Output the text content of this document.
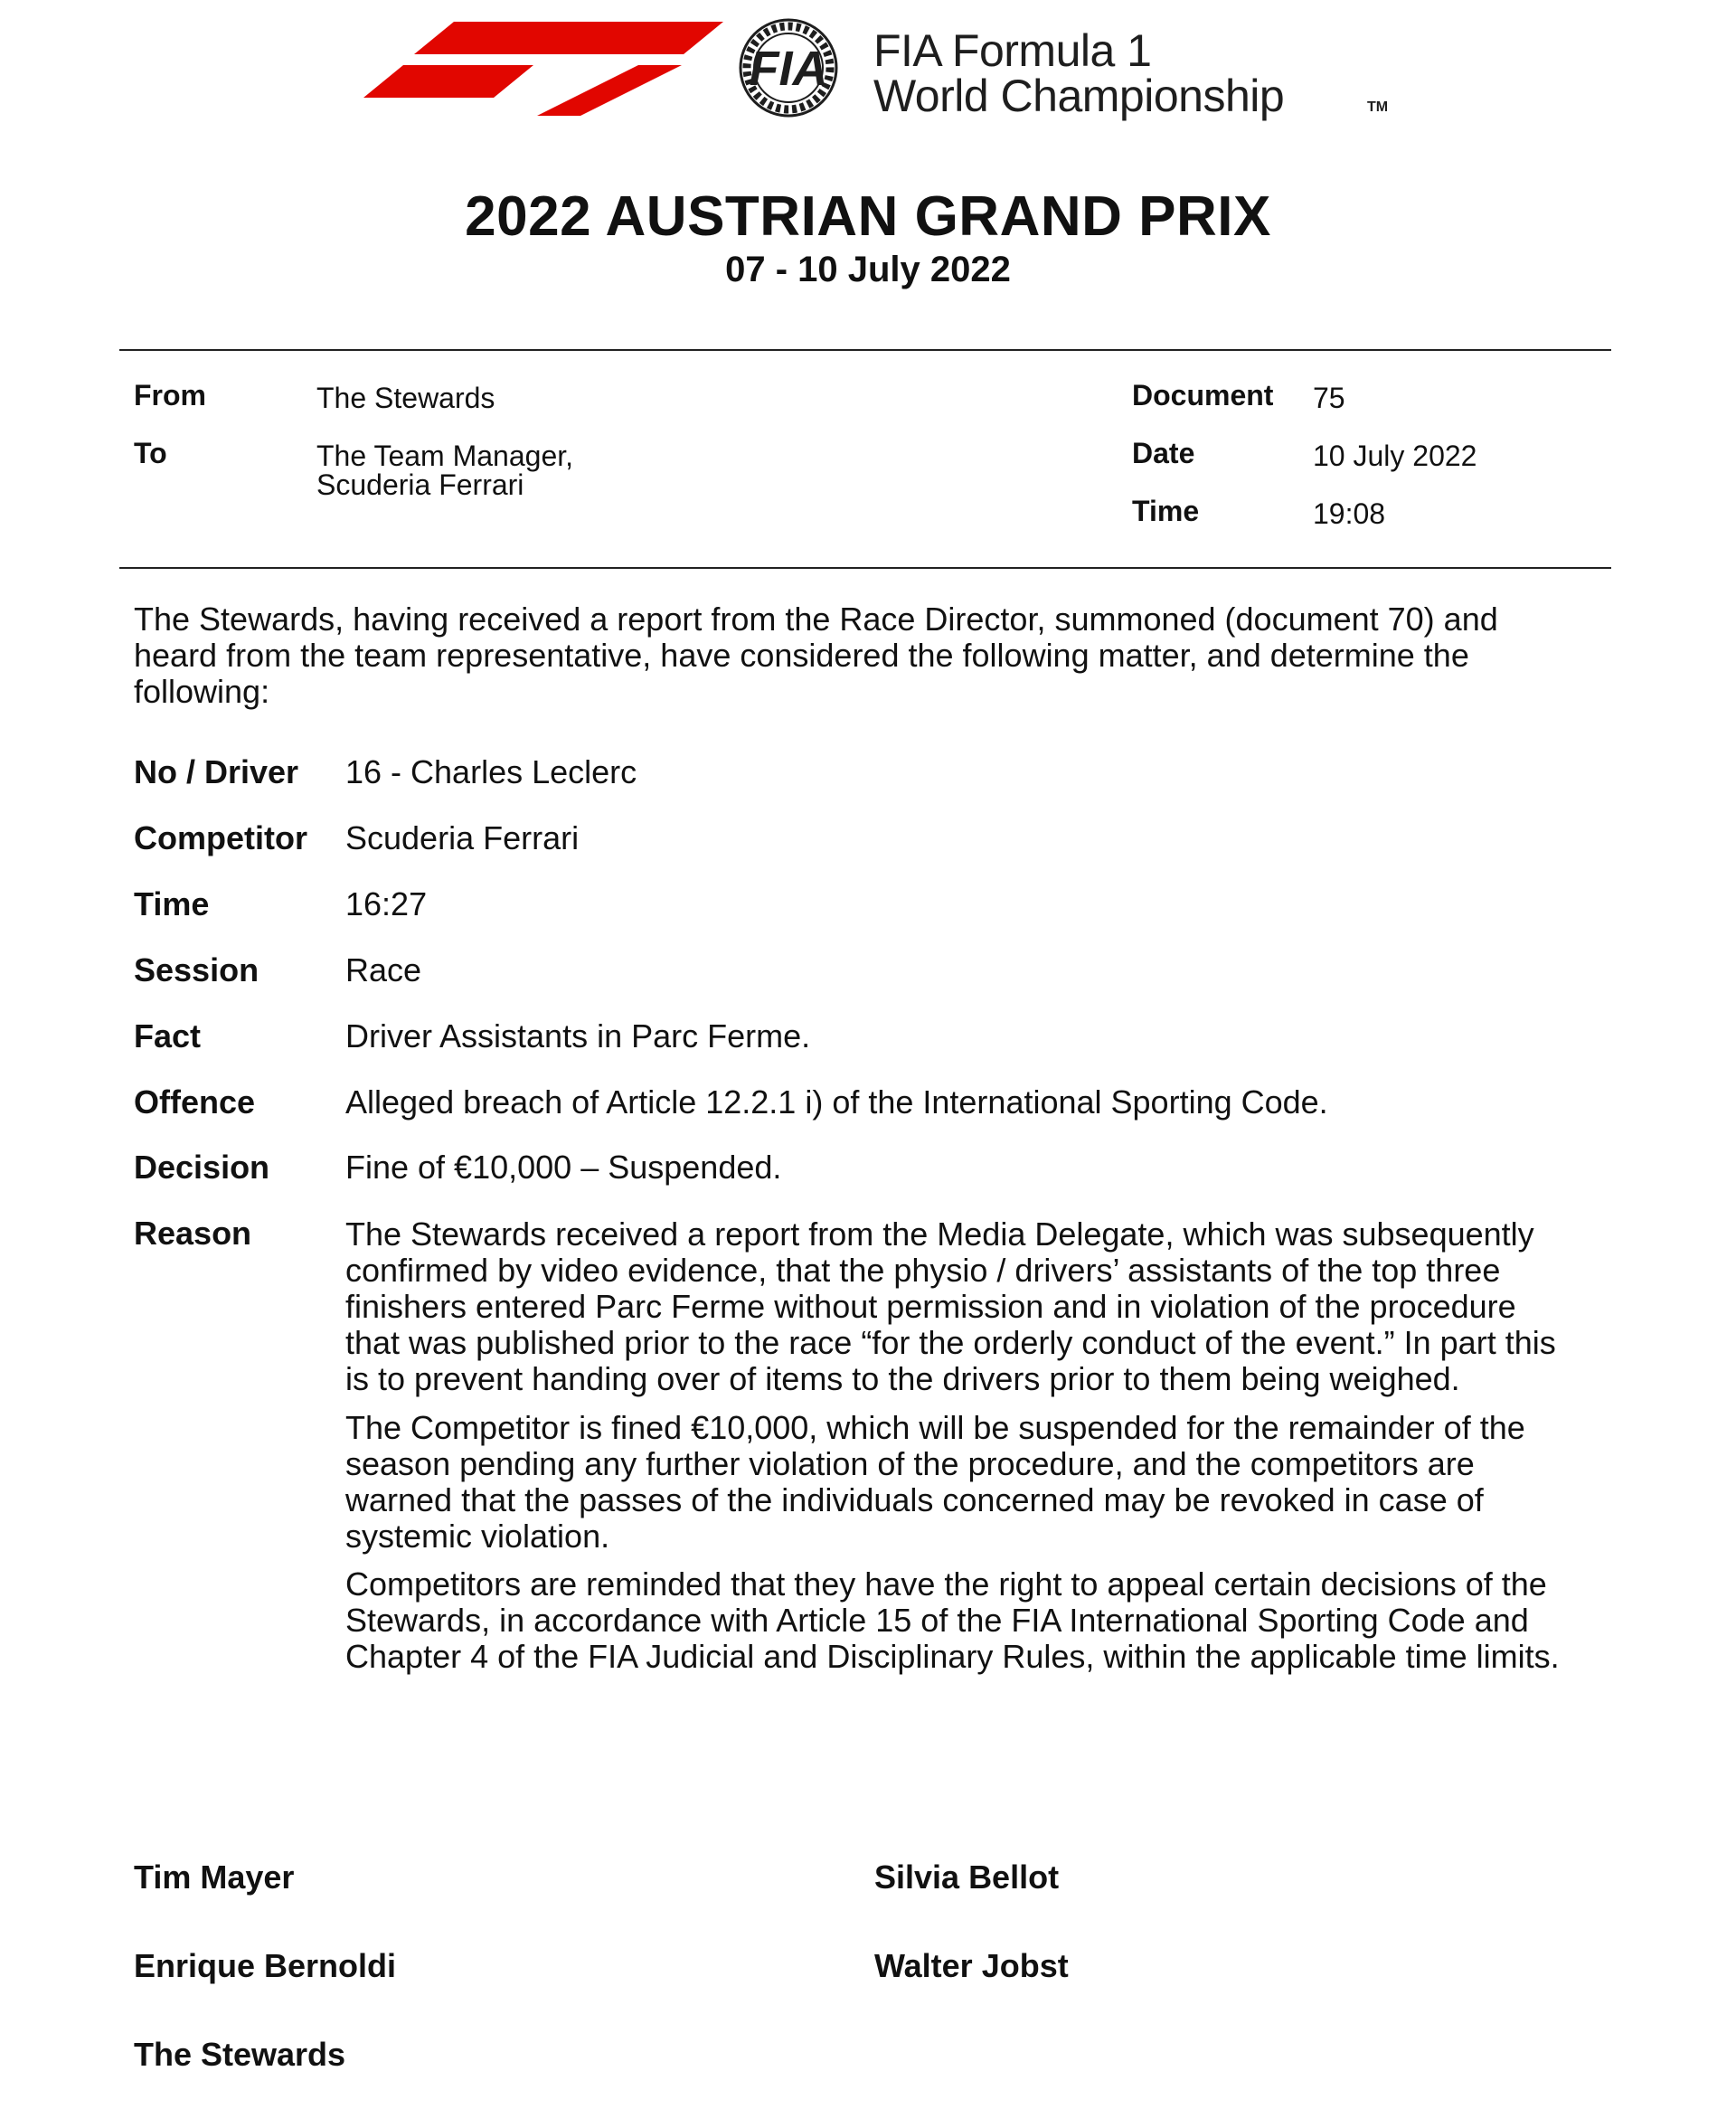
FIA FIA Formula 1
World Championship	TM
2022 AUSTRIAN GRAND PRIX
07 - 10 July 2022
From	The Stewards
To	The Team Manager,
Scuderia Ferrari
Document 75
Date	10 July 2022
Time	19:08
The Stewards, having received a report from the Race Director, summoned (document 70) and
heard from the team representative, have considered the following matter, and determine the
following:
No / Driver 16 - Charles Leclerc
Competitor Scuderia Ferrari
Time	16:27
Session	Race
Fact	Driver Assistants in Parc Ferme.
Offence	Alleged breach of Article 12.2.1 i) of the International Sporting Code.
Decision Fine of €10,000 – Suspended.
Reason	The Stewards received a report from the Media Delegate, which was subsequently
confirmed by video evidence, that the physio / drivers’ assistants of the top three
finishers entered Parc Ferme without permission and in violation of the procedure
that was published prior to the race “for the orderly conduct of the event.” In part this
is to prevent handing over of items to the drivers prior to them being weighed.
The Competitor is fined €10,000, which will be suspended for the remainder of the
season pending any further violation of the procedure, and the competitors are
warned that the passes of the individuals concerned may be revoked in case of
systemic violation.
Competitors are reminded that they have the right to appeal certain decisions of the
Stewards, in accordance with Article 15 of the FIA International Sporting Code and
Chapter 4 of the FIA Judicial and Disciplinary Rules, within the applicable time limits.
Tim Mayer	Silvia Bellot
Enrique Bernoldi	Walter Jobst
The Stewards
